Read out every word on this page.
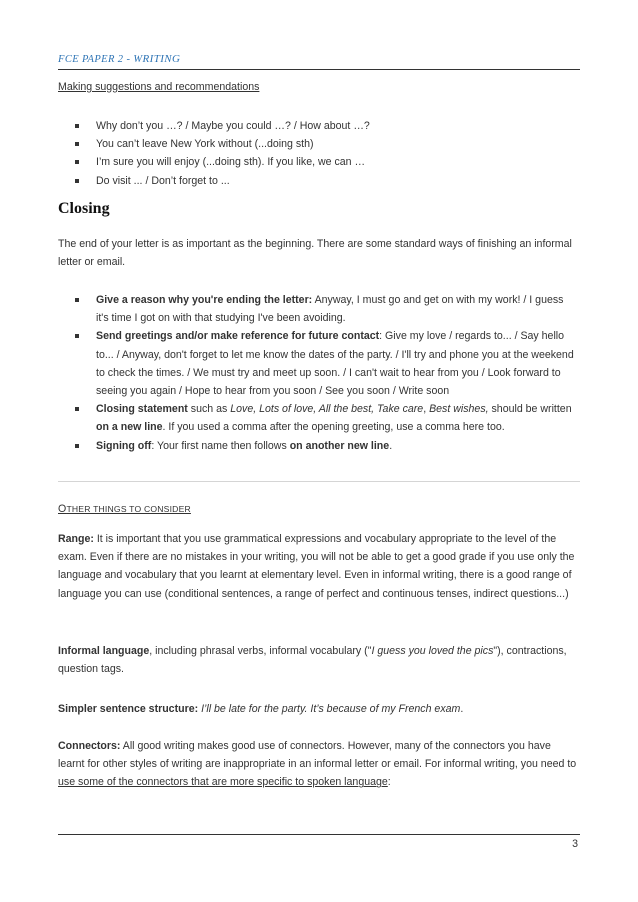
FCE PAPER 2 - WRITING
Making suggestions and recommendations
Why don’t you …? / Maybe you could …? / How about …?
You can’t leave New York without (...doing sth)
I’m sure you will enjoy (...doing sth). If you like, we can …
Do visit ... / Don’t forget to ...
Closing
The end of your letter is as important as the beginning. There are some standard ways of finishing an informal letter or email.
Give a reason why you're ending the letter: Anyway, I must go and get on with my work! / I guess it's time I got on with that studying I've been avoiding.
Send greetings and/or make reference for future contact: Give my love / regards to... / Say hello to... / Anyway, don't forget to let me know the dates of the party. / I'll try and phone you at the weekend to check the times. / We must try and meet up soon. / I can't wait to hear from you / Look forward to seeing you again / Hope to hear from you soon / See you soon / Write soon
Closing statement such as Love, Lots of love, All the best, Take care, Best wishes, should be written on a new line. If you used a comma after the opening greeting, use a comma here too.
Signing off: Your first name then follows on another new line.
OTHER THINGS TO CONSIDER
Range: It is important that you use grammatical expressions and vocabulary appropriate to the level of the exam. Even if there are no mistakes in your writing, you will not be able to get a good grade if you use only the language and vocabulary that you learnt at elementary level. Even in informal writing, there is a good range of language you can use (conditional sentences, a range of perfect and continuous tenses, indirect questions...)
Informal language, including phrasal verbs, informal vocabulary ("I guess you loved the pics"), contractions, question tags.
Simpler sentence structure: I’ll be late for the party. It’s because of my French exam.
Connectors: All good writing makes good use of connectors. However, many of the connectors you have learnt for other styles of writing are inappropriate in an informal letter or email. For informal writing, you need to use some of the connectors that are more specific to spoken language:
3
